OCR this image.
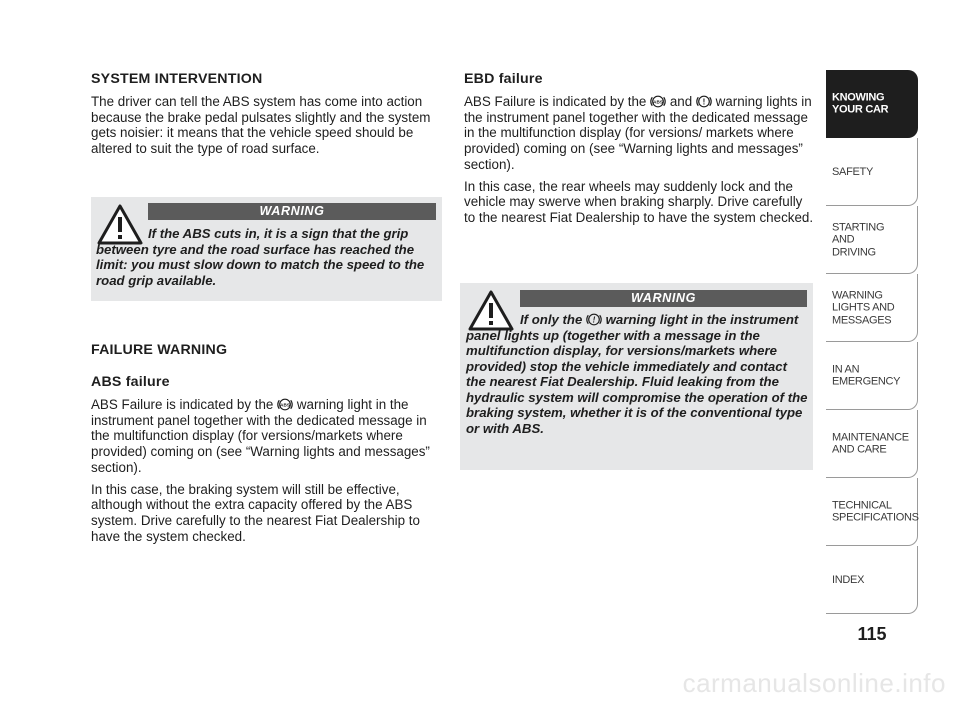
SYSTEM INTERVENTION

The driver can tell the ABS system has come into action because the brake pedal pulsates slightly and the system gets noisier: it means that the vehicle speed should be altered to suit the type of road surface.

WARNING
If the ABS cuts in, it is a sign that the grip between tyre and the road surface has reached the limit: you must slow down to match the speed to the road grip available.
FAILURE WARNING
ABS failure

ABS Failure is indicated by the ABS warning light in the instrument panel together with the dedicated message in the multifunction display (for versions/markets where provided) coming on (see “Warning lights and messages” section).

In this case, the braking system will still be effective, although without the extra capacity offered by the ABS system. Drive carefully to the nearest Fiat Dealership to have the system checked.

EBD failure

ABS Failure is indicated by the ABS and ! warning lights in the instrument panel together with the dedicated message in the multifunction display (for versions/ markets where provided) coming on (see “Warning lights and messages” section).

In this case, the rear wheels may suddenly lock and the vehicle may swerve when braking sharply. Drive carefully to the nearest Fiat Dealership to have the system checked.

WARNING
If only the ! warning light in the instrument panel lights up (together with a message in the multifunction display, for versions/markets where provided) stop the vehicle immediately and contact the nearest Fiat Dealership. Fluid leaking from the hydraulic system will compromise the operation of the braking system, whether it is of the conventional type or with ABS.
KNOWING
YOUR CAR
SAFETY
STARTING
AND
DRIVING
WARNING
LIGHTS AND
MESSAGES
IN AN
EMERGENCY
MAINTENANCE
AND CARE
TECHNICAL
SPECIFICATIONS
INDEX
115
carmanualsonline.info
